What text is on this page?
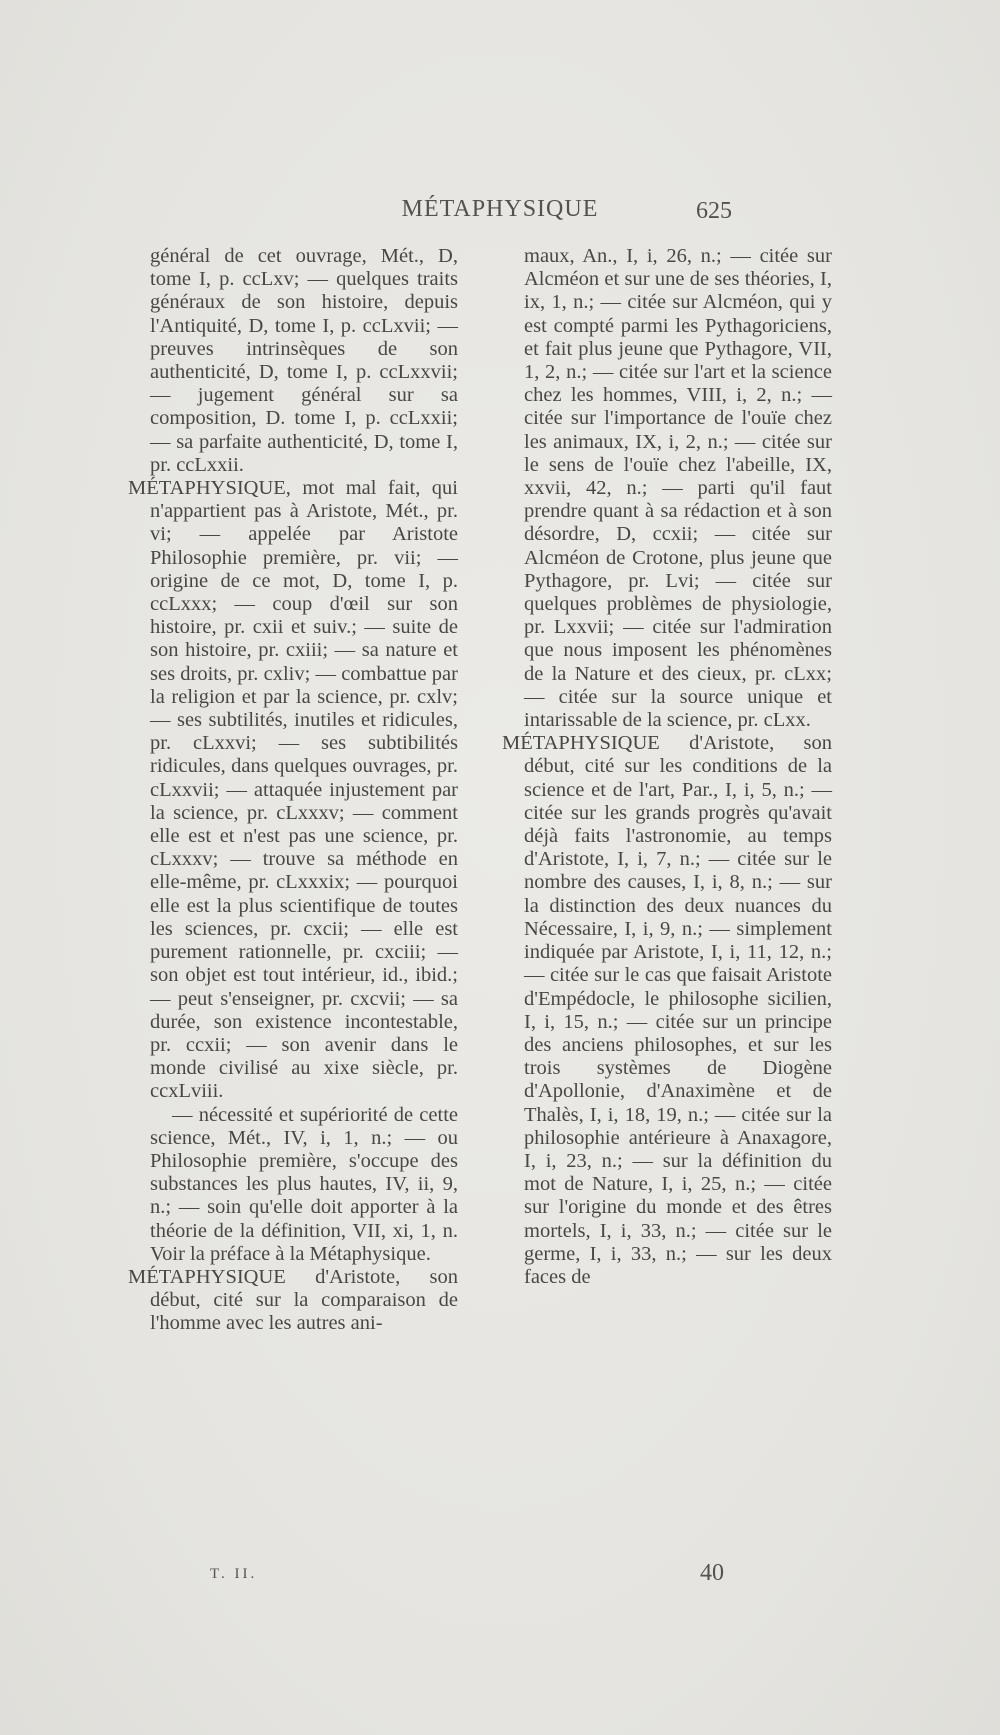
MÉTAPHYSIQUE	625

général de cet ouvrage, Mét., D, tome I, p. ccLxv; — quelques traits généraux de son histoire, depuis l'Antiquité, D, tome I, p. ccLxvii; — preuves intrinsèques de son authenticité, D, tome I, p. ccLxxvii; — jugement général sur sa composition, D. tome I, p. ccLxxii; — sa parfaite authenticité, D, tome I, pr. ccLxxii.

MÉTAPHYSIQUE, mot mal fait, qui n'appartient pas à Aristote, Mét., pr. vi; — appelée par Aristote Philosophie première, pr. vii; — origine de ce mot, D, tome I, p. ccLxxx; — coup d'œil sur son histoire, pr. cxii et suiv.; — suite de son histoire, pr. cxiii; — sa nature et ses droits, pr. cxliv; — combattue par la religion et par la science, pr. cxlv; — ses subtilités, inutiles et ridicules, pr. cLxxvi; — ses subtibilités ridicules, dans quelques ouvrages, pr. cLxxvii; — attaquée injustement par la science, pr. cLxxxv; — comment elle est et n'est pas une science, pr. cLxxxv; — trouve sa méthode en elle-même, pr. cLxxxix; — pourquoi elle est la plus scientifique de toutes les sciences, pr. cxcii; — elle est purement rationnelle, pr. cxciii; — son objet est tout intérieur, id., ibid.; — peut s'enseigner, pr. cxcvii; — sa durée, son existence incontestable, pr. ccxii; — son avenir dans le monde civilisé au xixe siècle, pr. ccxLviii.

— nécessité et supériorité de cette science, Mét., IV, i, 1, n.; — ou Philosophie première, s'occupe des substances les plus hautes, IV, ii, 9, n.; — soin qu'elle doit apporter à la théorie de la définition, VII, xi, 1, n. Voir la préface à la Métaphysique.

MÉTAPHYSIQUE d'Aristote, son début, cité sur la comparaison de l'homme avec les autres ani-

maux, An., I, i, 26, n.; — citée sur Alcméon et sur une de ses théories, I, ix, 1, n.; — citée sur Alcméon, qui y est compté parmi les Pythagoriciens, et fait plus jeune que Pythagore, VII, 1, 2, n.; — citée sur l'art et la science chez les hommes, VIII, i, 2, n.; — citée sur l'importance de l'ouïe chez les animaux, IX, i, 2, n.; — citée sur le sens de l'ouïe chez l'abeille, IX, xxvii, 42, n.; — parti qu'il faut prendre quant à sa rédaction et à son désordre, D, ccxii; — citée sur Alcméon de Crotone, plus jeune que Pythagore, pr. Lvi; — citée sur quelques problèmes de physiologie, pr. Lxxvii; — citée sur l'admiration que nous imposent les phénomènes de la Nature et des cieux, pr. cLxx; — citée sur la source unique et intarissable de la science, pr. cLxx.

MÉTAPHYSIQUE d'Aristote, son début, cité sur les conditions de la science et de l'art, Par., I, i, 5, n.; — citée sur les grands progrès qu'avait déjà faits l'astronomie, au temps d'Aristote, I, i, 7, n.; — citée sur le nombre des causes, I, i, 8, n.; — sur la distinction des deux nuances du Nécessaire, I, i, 9, n.; — simplement indiquée par Aristote, I, i, 11, 12, n.; — citée sur le cas que faisait Aristote d'Empédocle, le philosophe sicilien, I, i, 15, n.; — citée sur un principe des anciens philosophes, et sur les trois systèmes de Diogène d'Apollonie, d'Anaximène et de Thalès, I, i, 18, 19, n.; — citée sur la philosophie antérieure à Anaxagore, I, i, 23, n.; — sur la définition du mot de Nature, I, i, 25, n.; — citée sur l'origine du monde et des êtres mortels, I, i, 33, n.; — citée sur le germe, I, i, 33, n.; — sur les deux faces de

T. II.	40
